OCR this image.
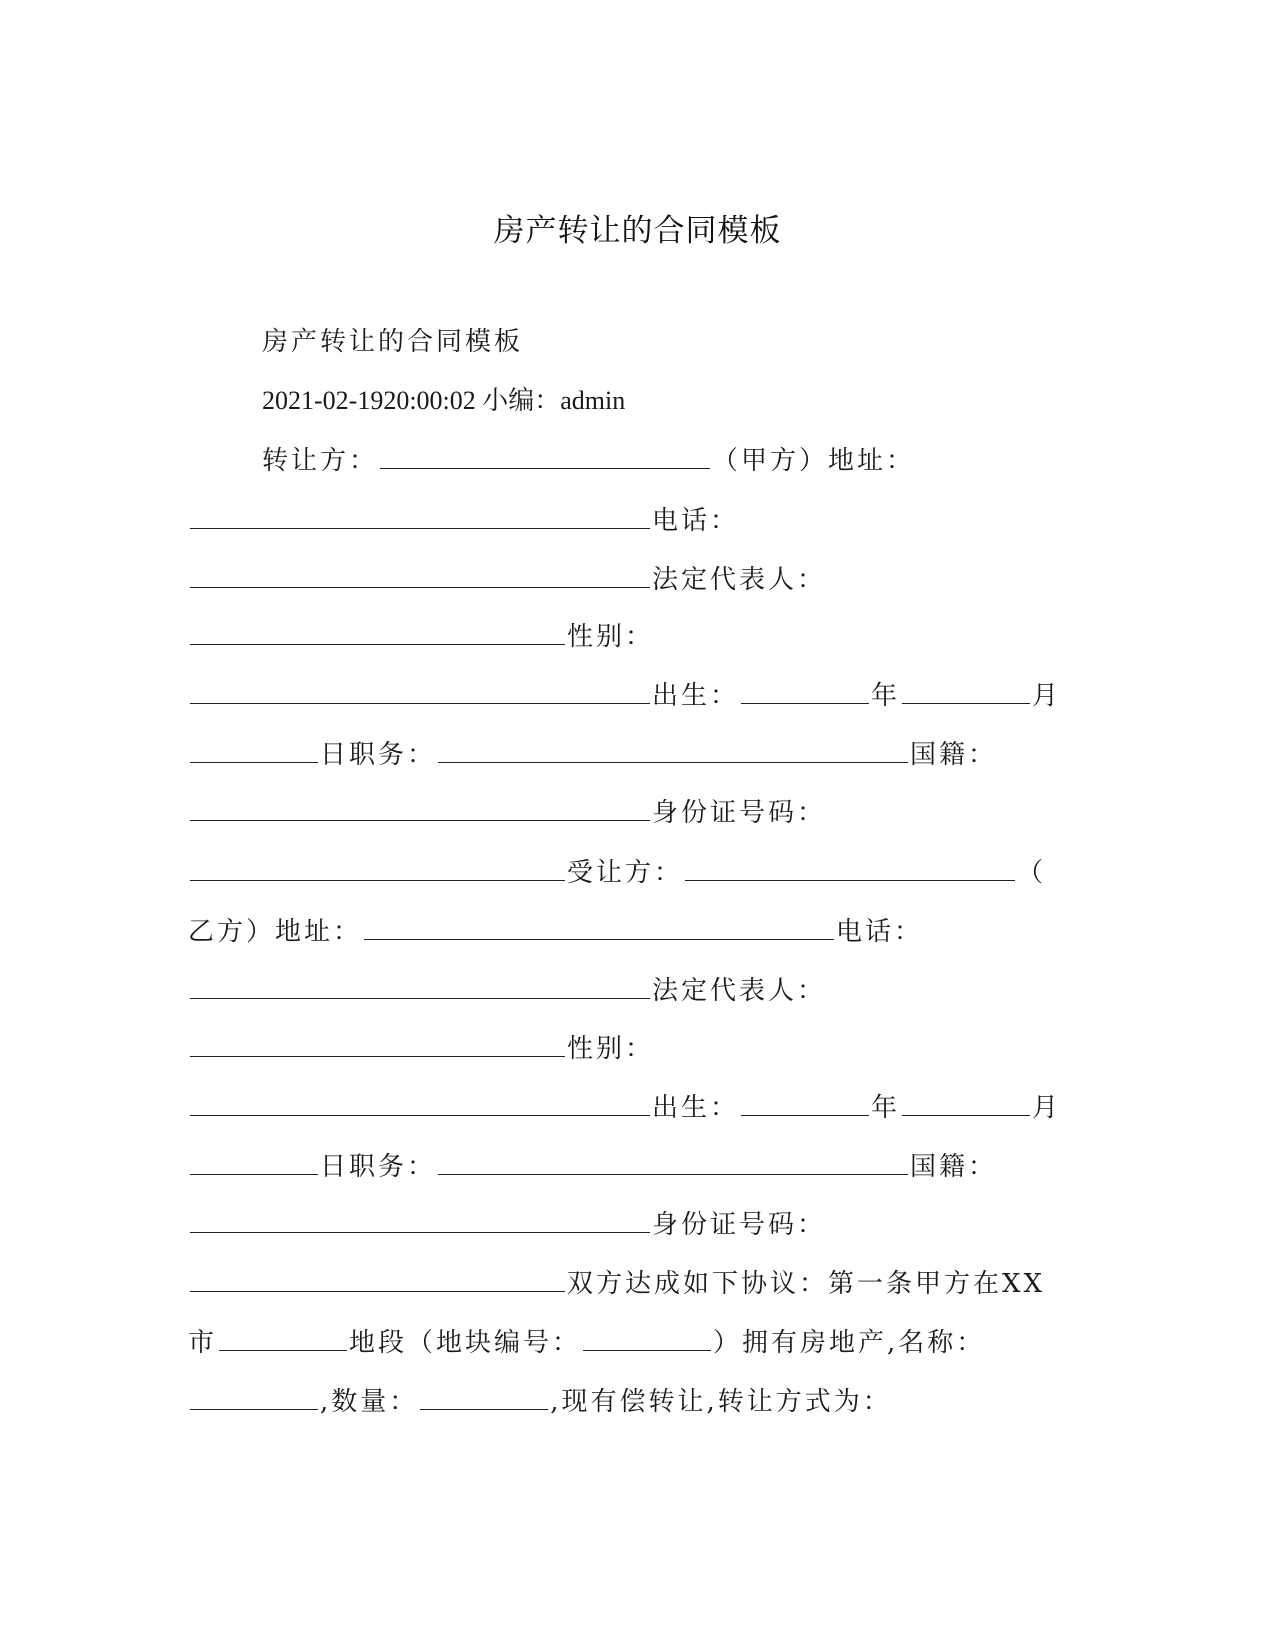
房产转让的合同模板
房产转让的合同模板
2021-02-1920:00:02 小编：admin
转让方：	（甲方）地址：
电话：
法定代表人：
性别：
出生：	年	月
日职务：	国籍：
身份证号码：
受让方：	（
乙方）地址：	电话：
法定代表人：
性别：
出生：	年	月
日职务：	国籍：
身份证号码：
双方达成如下协议：第一条甲方在XX
市	地段（地块编号：	）拥有房地产,名称：
,数量：	,现有偿转让,转让方式为：
